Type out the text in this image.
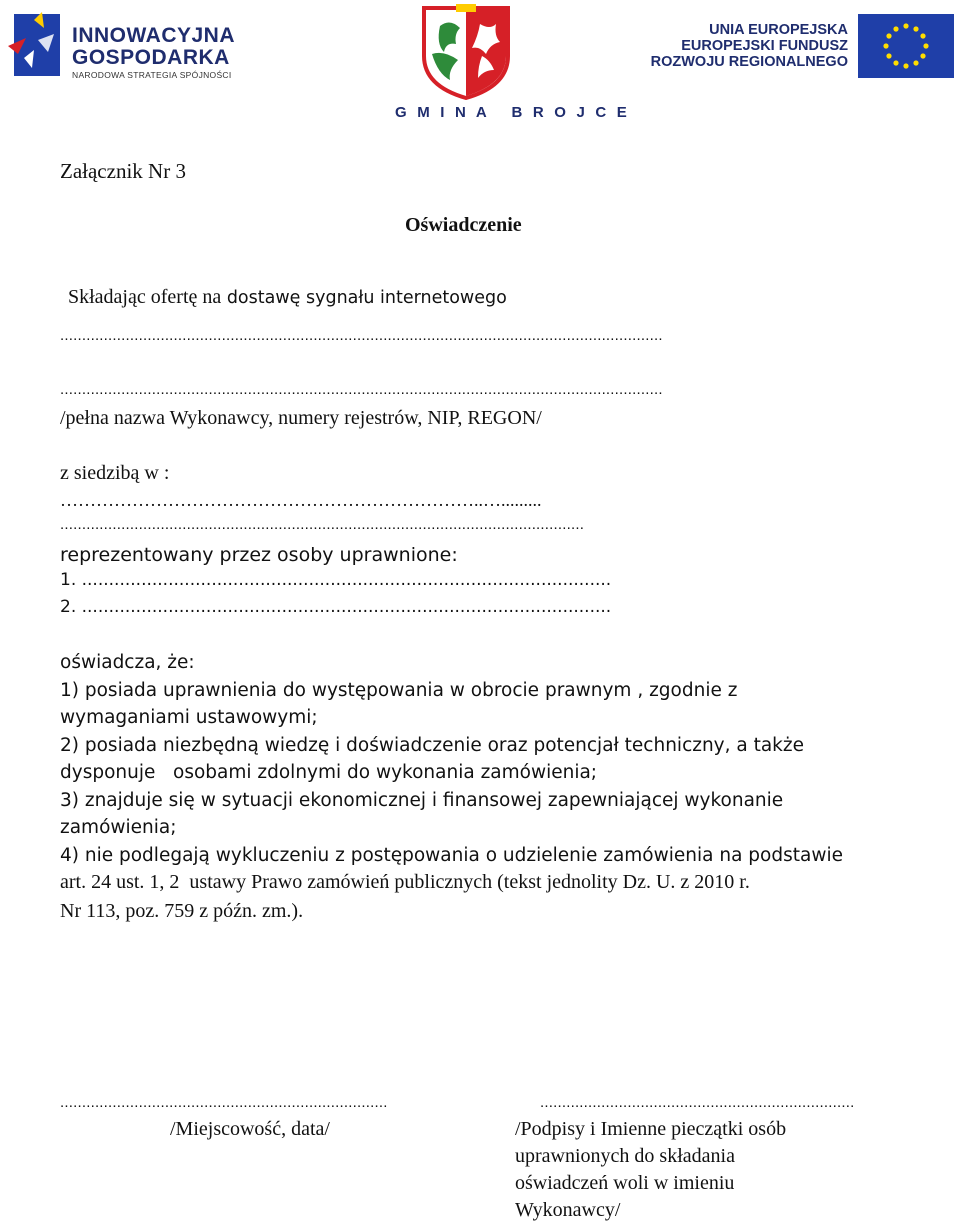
INNOWACYJNA
GOSPODARKA
NARODOWA STRATEGIA SPÓJNOŚCI
UNIA EUROPEJSKA
EUROPEJSKI FUNDUSZ
ROZWOJU REGIONALNEGO
G M I N A   B R O J C E
Załącznik Nr 3
Oświadczenie

Składając ofertę na dostawę sygnału internetowego

..........................................................................................................................................
..........................................................................................................................................
/pełna nazwa Wykonawcy, numery rejestrów, NIP, REGON/
z siedzibą w :
……………………………………………………………..….........
........................................................................................................................
reprezentowany przez osoby uprawnione:
1. ..................................................................................................
2. ..................................................................................................
oświadcza, że:
1) posiada uprawnienia do występowania w obrocie prawnym , zgodnie z
wymaganiami ustawowymi;
2) posiada niezbędną wiedzę i doświadczenie oraz potencjał techniczny, a także
dysponuje   osobami zdolnymi do wykonania zamówienia;
3) znajduje się w sytuacji ekonomicznej i finansowej zapewniającej wykonanie
zamówienia;
4) nie podlegają wykluczeniu z postępowania o udzielenie zamówienia na podstawie
art. 24 ust. 1, 2  ustawy Prawo zamówień publicznych (tekst jednolity Dz. U. z 2010 r.
Nr 113, poz. 759 z późn. zm.).
...........................................................................
/Miejscowość, data/
........................................................................
/Podpisy i Imienne pieczątki osób
uprawnionych do składania
oświadczeń woli w imieniu
Wykonawcy/
